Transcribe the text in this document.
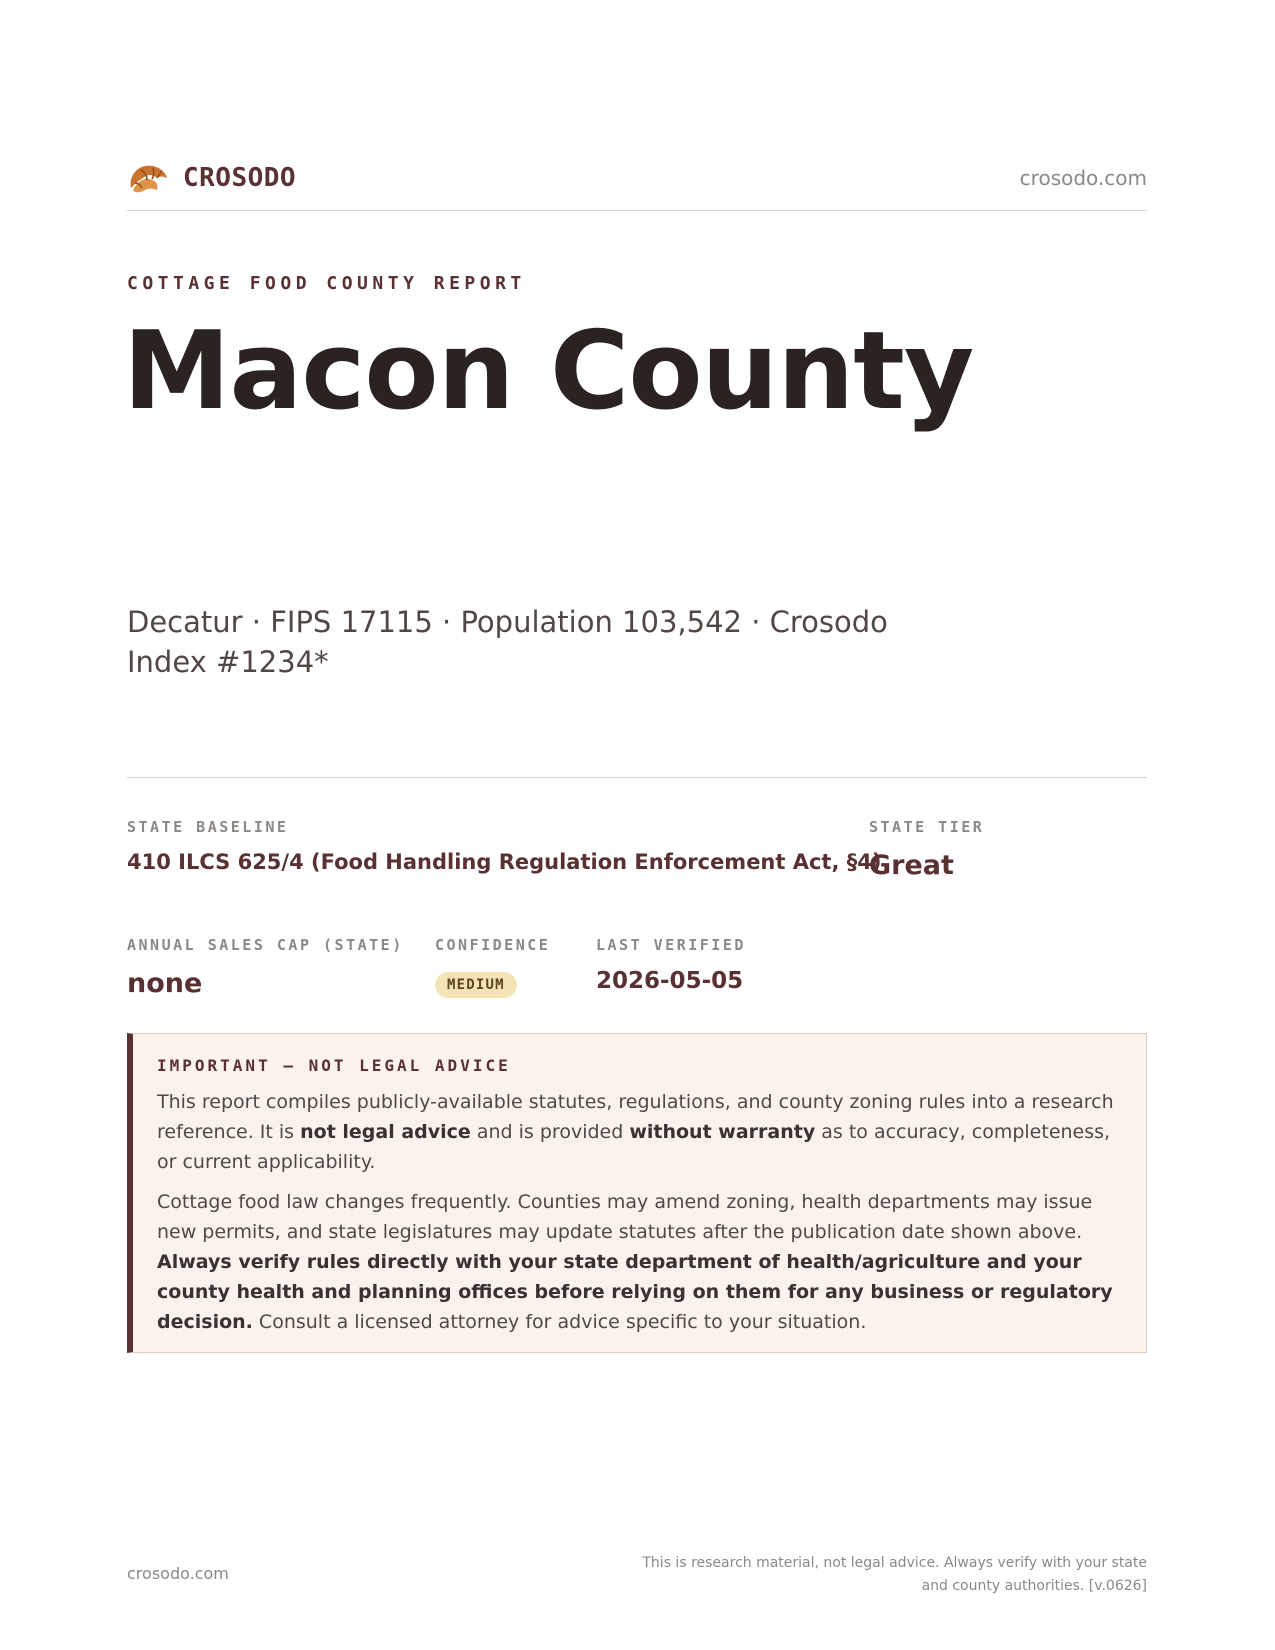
CROSODO	crosodo.com
COTTAGE FOOD COUNTY REPORT
Macon County
Decatur · FIPS 17115 · Population 103,542 · Crosodo Index #1234*
STATE BASELINE
410 ILCS 625/4 (Food Handling Regulation Enforcement Act, §4)
STATE TIER
Great
ANNUAL SALES CAP (STATE)
none
CONFIDENCE
MEDIUM
LAST VERIFIED
2026-05-05
IMPORTANT — NOT LEGAL ADVICE

This report compiles publicly-available statutes, regulations, and county zoning rules into a research reference. It is not legal advice and is provided without warranty as to accuracy, completeness, or current applicability.

Cottage food law changes frequently. Counties may amend zoning, health departments may issue new permits, and state legislatures may update statutes after the publication date shown above. Always verify rules directly with your state department of health/agriculture and your county health and planning offices before relying on them for any business or regulatory decision. Consult a licensed attorney for advice specific to your situation.

crosodo.com
This is research material, not legal advice. Always verify with your state
and county authorities. [v.0626]
